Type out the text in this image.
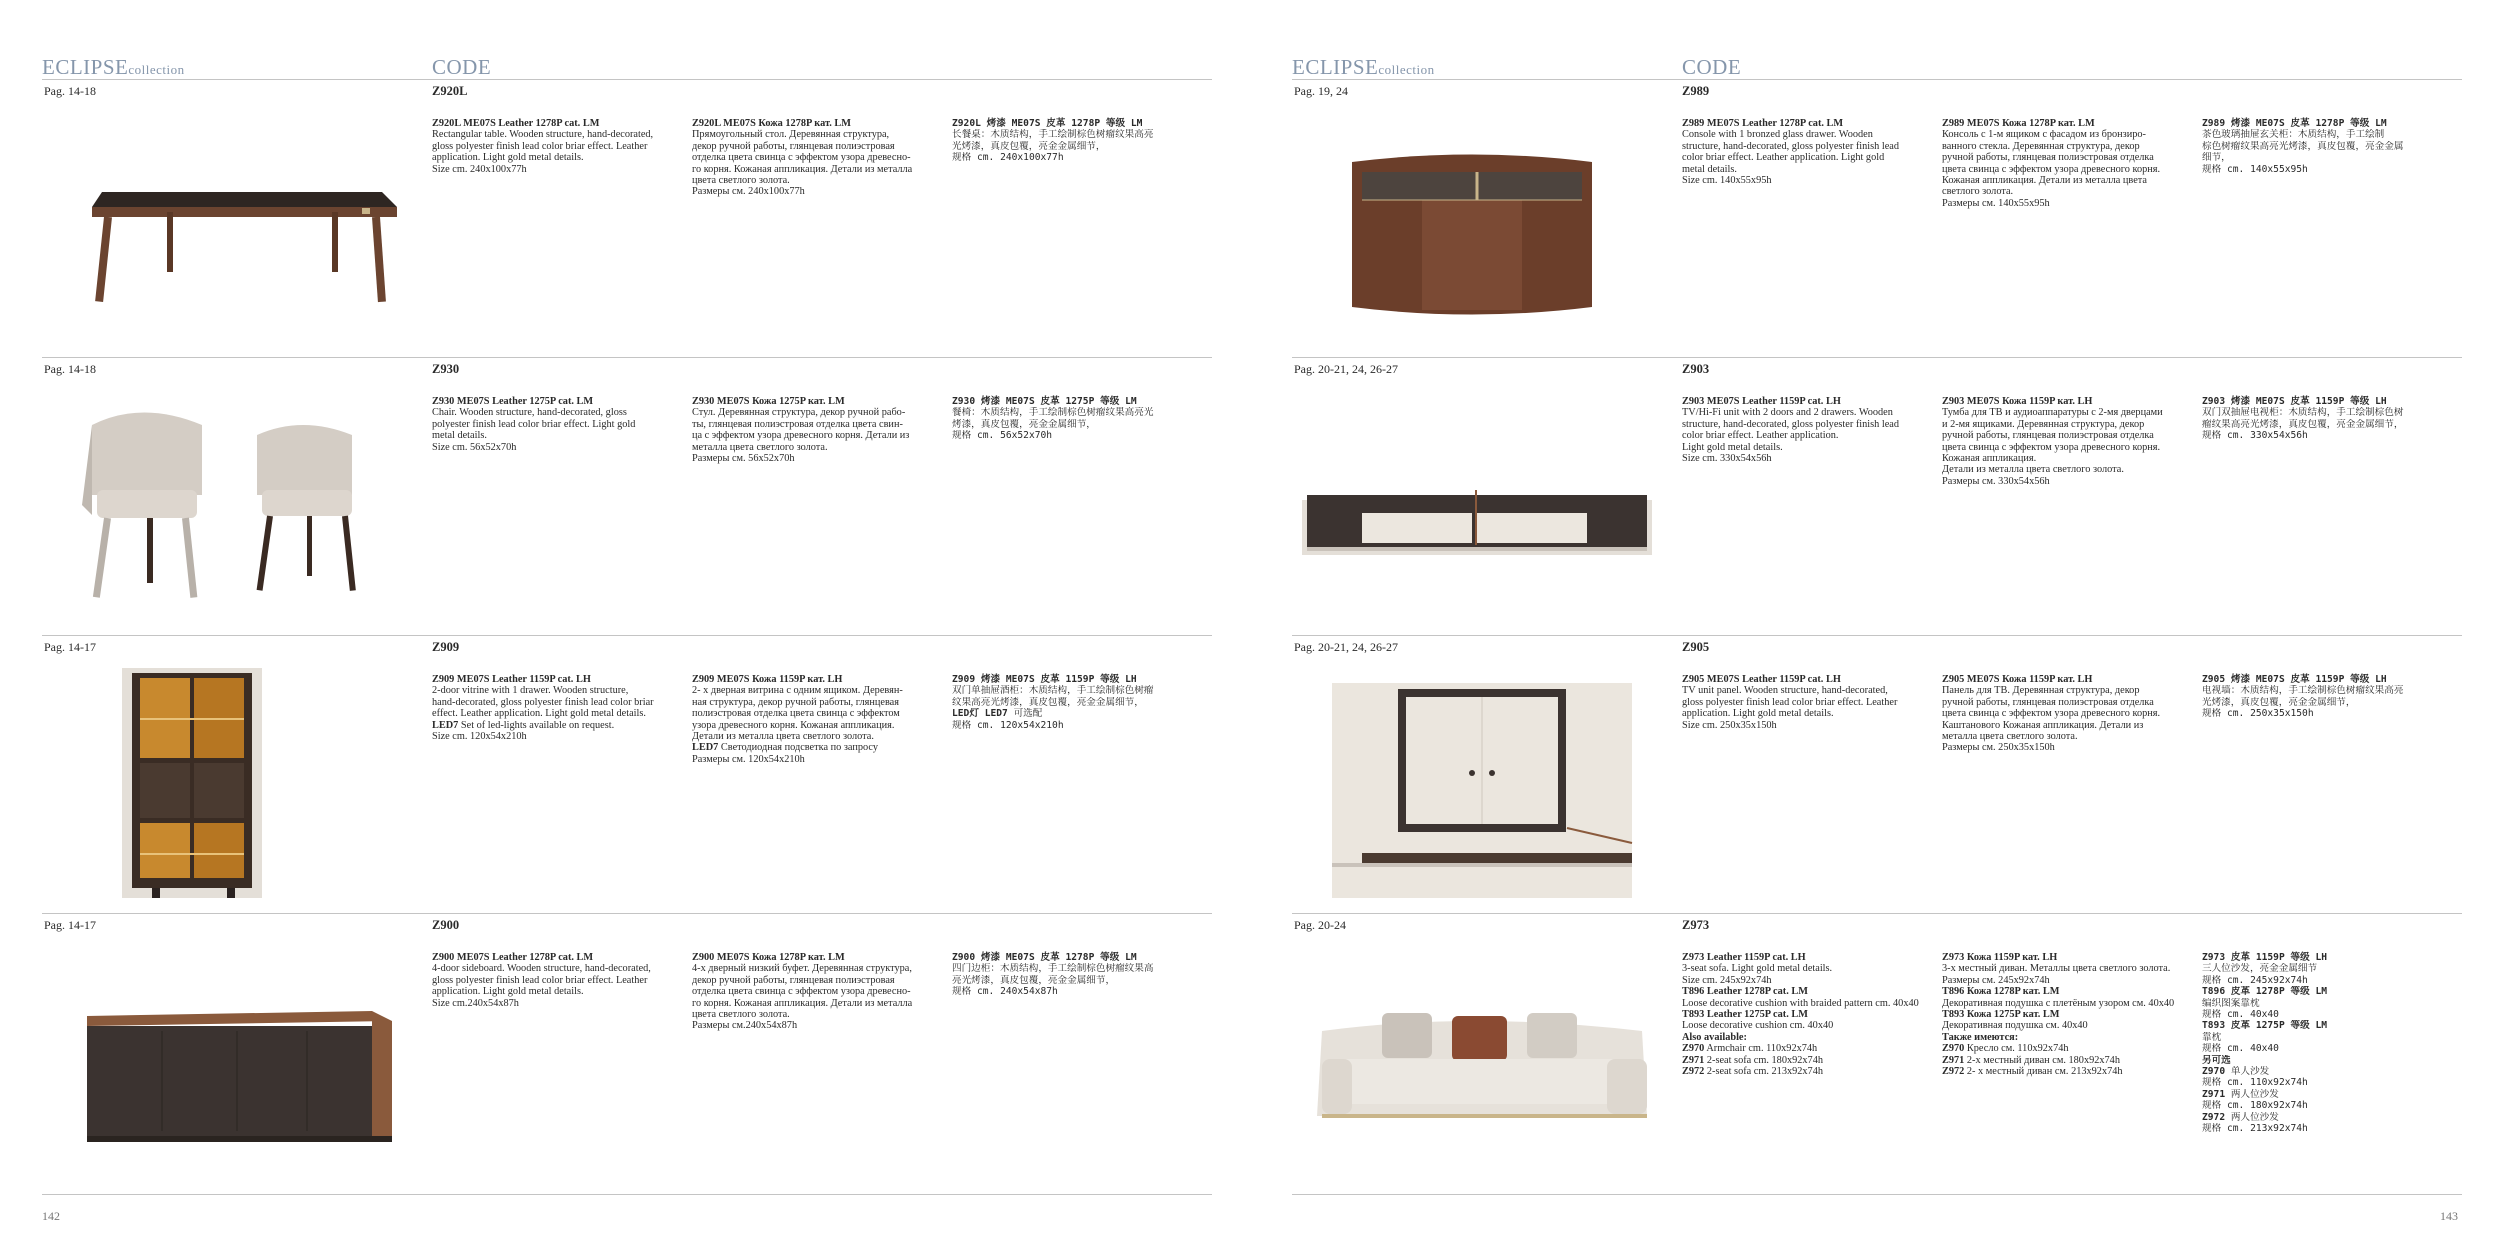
ECLIPSEcollection	CODE
Pag. 14-18	Z920L
Z920L ME07S Leather 1278P cat. LM
Rectangular table. Wooden structure, hand-decorated,
gloss polyester finish lead color briar effect. Leather
application. Light gold metal details.
Size cm. 240x100x77h
Z920L ME07S Кожа 1278P кат. LM
Прямоугольный стол. Деревянная структура,
декор ручной работы, глянцевая полиэстровая
отделка цвета свинца с эффектом узора древесно-
го корня. Кожаная аппликация. Детали из металла
цвета светлого золота.
Размеры см. 240х100х77h
Z920L 烤漆 ME07S 皮革 1278P 等级 LM
长餐桌：木质结构，手工绘制棕色树瘤纹果高亮
光烤漆，真皮包覆，亮金金属细节，
规格 cm. 240x100x77h
Pag. 14-18	Z930
Z930 ME07S Leather 1275P cat. LM
Chair. Wooden structure, hand-decorated, gloss
polyester finish lead color briar effect. Light gold
metal details.
Size cm. 56x52x70h
Z930 ME07S Кожа 1275P кат. LM
Стул. Деревянная структура, декор ручной рабо-
ты, глянцевая полиэстровая отделка цвета свин-
ца с эффектом узора древесного корня. Детали из
металла цвета светлого золота.
Размеры см. 56х52х70h
Z930 烤漆 ME07S 皮革 1275P 等级 LM
餐椅：木质结构，手工绘制棕色树瘤纹果高亮光
烤漆，真皮包覆，亮金金属细节，
规格 cm. 56x52x70h
Pag. 14-17	Z909
Z909 ME07S Leather 1159P cat. LH
2-door vitrine with 1 drawer. Wooden structure,
hand-decorated, gloss polyester finish lead color briar
effect. Leather application. Light gold metal details.
LED7 Set of led-lights available on request.
Size cm. 120x54x210h
Z909 ME07S Кожа 1159P кат. LH
2- х дверная витрина с одним ящиком. Деревян-
ная структура, декор ручной работы, глянцевая
полиэстровая отделка цвета свинца с эффектом
узора древесного корня. Кожаная аппликация.
Детали из металла цвета светлого золота.
LED7 Светодиодная подсветка по запросу
Размеры см. 120х54х210h
Z909 烤漆 ME07S 皮革 1159P 等级 LH
双门单抽屉酒柜：木质结构，手工绘制棕色树瘤
纹果高亮光烤漆，真皮包覆，亮金金属细节，
LED灯 LED7 可选配
规格 cm. 120x54x210h
Pag. 14-17	Z900
Z900 ME07S Leather 1278P cat. LM
4-door sideboard. Wooden structure, hand-decorated,
gloss polyester finish lead color briar effect. Leather
application. Light gold metal details.
Size cm.240x54x87h
Z900 ME07S Кожа 1278P кат. LM
4-х дверный низкий буфет. Деревянная структура,
декор ручной работы, глянцевая полиэстровая
отделка цвета свинца с эффектом узора древесно-
го корня. Кожаная аппликация. Детали из металла
цвета светлого золота.
Размеры см.240х54х87h
Z900 烤漆 ME07S 皮革 1278P 等级 LM
四门边柜：木质结构，手工绘制棕色树瘤纹果高
亮光烤漆，真皮包覆，亮金金属细节，
规格 cm. 240x54x87h
142
ECLIPSEcollection	CODE
Pag. 19, 24	Z989
Z989 ME07S Leather 1278P cat. LM
Console with 1 bronzed glass drawer. Wooden
structure, hand-decorated, gloss polyester finish lead
color briar effect. Leather application. Light gold
metal details.
Size cm. 140x55x95h
Z989 ME07S Кожа 1278P кат. LM
Консоль с 1-м ящиком с фасадом из бронзиро-
ванного стекла. Деревянная структура, декор
ручной работы, глянцевая полиэстровая отделка
цвета свинца с эффектом узора древесного корня.
Кожаная аппликация. Детали из металла цвета
светлого золота.
Размеры см. 140х55х95h
Z989 烤漆 ME07S 皮革 1278P 等级 LM
茶色玻璃抽屉玄关柜：木质结构，手工绘制
棕色树瘤纹果高亮光烤漆，真皮包覆，亮金金属
细节，
规格 cm. 140x55x95h
Pag. 20-21, 24, 26-27	Z903
Z903 ME07S Leather 1159P cat. LH
TV/Hi-Fi unit with 2 doors and 2 drawers. Wooden
structure, hand-decorated, gloss polyester finish lead
color briar effect. Leather application.
Light gold metal details.
Size cm. 330x54x56h
Z903 ME07S Кожа 1159P кат. LH
Тумба для ТВ и аудиоаппаратуры с 2-мя дверцами
и 2-мя ящиками. Деревянная структура, декор
ручной работы, глянцевая полиэстровая отделка
цвета свинца с эффектом узора древесного корня.
Кожаная аппликация.
Детали из металла цвета светлого золота.
Размеры см. 330х54х56h
Z903 烤漆 ME07S 皮革 1159P 等级 LH
双门双抽屉电视柜：木质结构，手工绘制棕色树
瘤纹果高亮光烤漆，真皮包覆，亮金金属细节，
规格 cm. 330x54x56h
Pag. 20-21, 24, 26-27	Z905
Z905 ME07S Leather 1159P cat. LH
TV unit panel. Wooden structure, hand-decorated,
gloss polyester finish lead color briar effect. Leather
application. Light gold metal details.
Size cm. 250x35x150h
Z905 ME07S Кожа 1159P кат. LH
Панель для ТВ. Деревянная структура, декор
ручной работы, глянцевая полиэстровая отделка
цвета свинца с эффектом узора древесного корня.
Каштанового Кожаная аппликация. Детали из
металла цвета светлого золота.
Размеры см. 250х35х150h
Z905 烤漆 ME07S 皮革 1159P 等级 LH
电视墙：木质结构，手工绘制棕色树瘤纹果高亮
光烤漆，真皮包覆，亮金金属细节，
规格 cm. 250x35x150h
Pag. 20-24	Z973
Z973 Leather 1159P cat. LH
3-seat sofa. Light gold metal details.
Size cm. 245x92x74h
T896 Leather 1278P cat. LM
Loose decorative cushion with braided pattern cm. 40x40
T893 Leather 1275P cat. LM
Loose decorative cushion cm. 40x40
Also available:
Z970 Armchair cm. 110x92x74h
Z971 2-seat sofa cm. 180x92x74h
Z972 2-seat sofa cm. 213x92x74h
Z973 Кожа 1159P кат. LH
3-х местный диван. Металлы цвета светлого золота.
Размеры см. 245х92х74h
T896 Кожа 1278P кат. LM
Декоративная подушка с плетёным узором см. 40х40
T893 Кожа 1275P кат. LM
Декоративная подушка см. 40х40
Также имеются:
Z970 Кресло см. 110х92х74h
Z971 2-х местный диван см. 180х92х74h
Z972 2- х местный диван см. 213х92х74h
Z973 皮革 1159P 等级 LH
三人位沙发，亮金金属细节
规格 cm. 245x92x74h
T896 皮革 1278P 等级 LM
编织图案靠枕
规格 cm. 40x40
T893 皮革 1275P 等级 LM
靠枕
规格 cm. 40x40
另可选
Z970 单人沙发
规格 cm. 110x92x74h
Z971 两人位沙发
规格 cm. 180x92x74h
Z972 两人位沙发
规格 cm. 213x92x74h
143
